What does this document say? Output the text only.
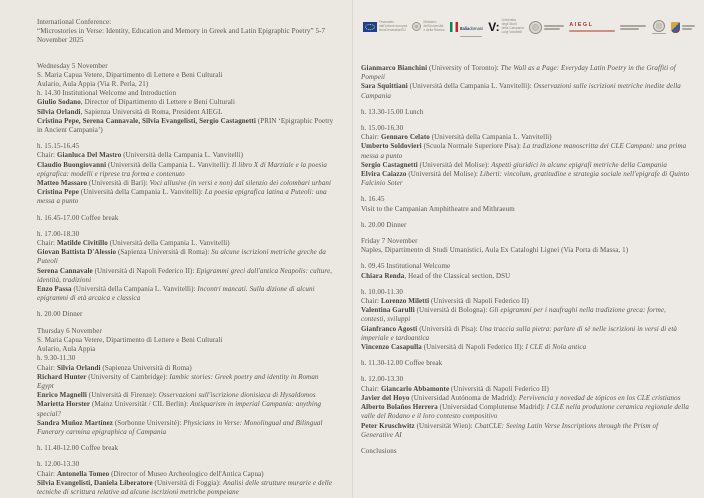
International Conference:
“Microstories in Verse: Identity, Education and Memory in Greek and Latin Epigraphic Poetry” 5-7 November 2025
Wednesday 5 November
S. Maria Capua Vetere, Dipartimento di Lettere e Beni Culturali
Aulario, Aula Appia (Via R. Perla, 21)
h. 14.30 Institutional Welcome and Introduction
Giulio Sodano, Director of Dipartimento di Lettere e Beni Culturali
Silvia Orlandi, Sapienza Università di Roma, President AIEGL
Cristina Pepe, Serena Cannavale, Silvia Evangelisti, Sergio Castagnetti (PRIN ‘Epigraphic Poetry in Ancient Campania’)
h. 15.15-16.45
Chair: Gianluca Del Mastro (Università della Campania L. Vanvitelli)
Claudio Buongiovanni (Università della Campania L. Vanvitelli): Il libro X di Marziale e la poesia epigrafica: modelli e riprese tra forma e contenuto
Matteo Massaro (Università di Bari): Voci allusive (in versi e non) dal silenzio dei colombari urbani
Cristina Pepe (Università della Campania L. Vanvitelli): La poesia epigrafica latina a Puteoli: una messa a punto
h. 16.45-17.00 Coffee break
h. 17.00-18.30
Chair: Matilde Civitillo (Università della Campania L. Vanvitelli)
Giovan Battista D'Alessio (Sapienza Università di Roma): Su alcune iscrizioni metriche greche da Puteoli
Serena Cannavale (Università di Napoli Federico II): Epigrammi greci dall'antica Neapolis: culture, identità, tradizioni
Enzo Passa (Università della Campania L. Vanvitelli): Incontri mancati. Sulla dizione di alcuni epigrammi di età arcaica e classica
h. 20.00 Dinner
Thursday 6 November
S. Maria Capua Vetere, Dipartimento di Lettere e Beni Culturali
Aulario, Aula Appia
h. 9.30-11.30
Chair: Silvia Orlandi (Sapienza Università di Roma)
Richard Hunter (University of Cambridge): Iambic stories: Greek poetry and identity in Roman Egypt
Enrico Magnelli (Università di Firenze): Osservazioni sull'iscrizione dionisiaca di Hysaldomos
Marietta Horster (Mainz Universität / CIL Berlin): Antiquarism in imperial Campania: anything special?
Sandra Muñoz Martínez (Sorbonne Université): Physicians in Verse: Monolingual and Bilingual Funerary carmina epigraphica of Campania
h. 11.40-12.00 Coffee break
h. 12.00-13.30
Chair: Antonella Tomeo (Director of Museo Archeologico dell'Antica Capua)
Silvia Evangelisti, Daniela Liberatore (Università di Foggia): Analisi delle strutture murarie e delle tecniche di scrittura relative ad alcune iscrizioni metriche pompeiane
Finanziato
dall'Unione europea
NextGenerationEU
Ministero
dell'Università
e della Ricerca	Italiadomani V: Università
degli Studi
della Campania
Luigi Vanvitelli
AIEGL
Gianmarco Bianchini (University of Toronto): The Wall as a Page: Everyday Latin Poetry in the Graffiti of Pompeii
Sara Squittiani (Università della Campania L. Vanvitelli): Osservazioni sulle iscrizioni metriche inedite della Campania
h. 13.30-15.00 Lunch
h. 15.00-16.30
Chair: Gennaro Celato (Università della Campania L. Vanvitelli)
Umberto Soldovieri (Scuola Normale Superiore Pisa): La tradizione manoscritta dei CLE Campani: una prima messa a punto
Sergio Castagnetti (Università del Molise): Aspetti giuridici in alcune epigrafi metriche della Campania
Elvira Caiazzo (Università del Molise): Liberti: vincolum, gratitudine e strategia sociale nell'epigrafe di Quinto Falcinio Soter
h. 16.45
Visit to the Campanian Amphitheatre and Mithraeum
h. 20.00 Dinner
Friday 7 November
Naples, Dipartimento di Studi Umanistici, Aula Ex Cataloghi Lignei (Via Porta di Massa, 1)
h. 09.45 Institutional Welcome
Chiara Renda, Head of the Classical section, DSU
h. 10.00-11.30
Chair: Lorenzo Miletti (Università di Napoli Federico II)
Valentina Garulli (Università di Bologna): Gli epigrammi per i naufraghi nella tradizione greca: forme, contesti, sviluppi
Gianfranco Agosti (Università di Pisa): Una traccia sulla pietra: parlare di sé nelle iscrizioni in versi di età imperiale e tardoantica
Vincenzo Casapulla (Università di Napoli Federico II): I CLE di Nola antica
h. 11.30-12.00 Coffee break
h. 12.00-13.30
Chair: Giancarlo Abbamonte (Università di Napoli Federico II)
Javier del Hoyo (Universidad Autónoma de Madrid): Pervivencia y novedad de tópicos en los CLE cristianos
Alberto Bolaños Herrera (Universidad Complutense Madrid): I CLE nella produzione ceramica regionale della valle del Rodano e il loro contesto compositivo
Peter Kruschwitz (Universität Wien): ChatCLE: Seeing Latin Verse Inscriptions through the Prism of Generative AI
Conclusions
